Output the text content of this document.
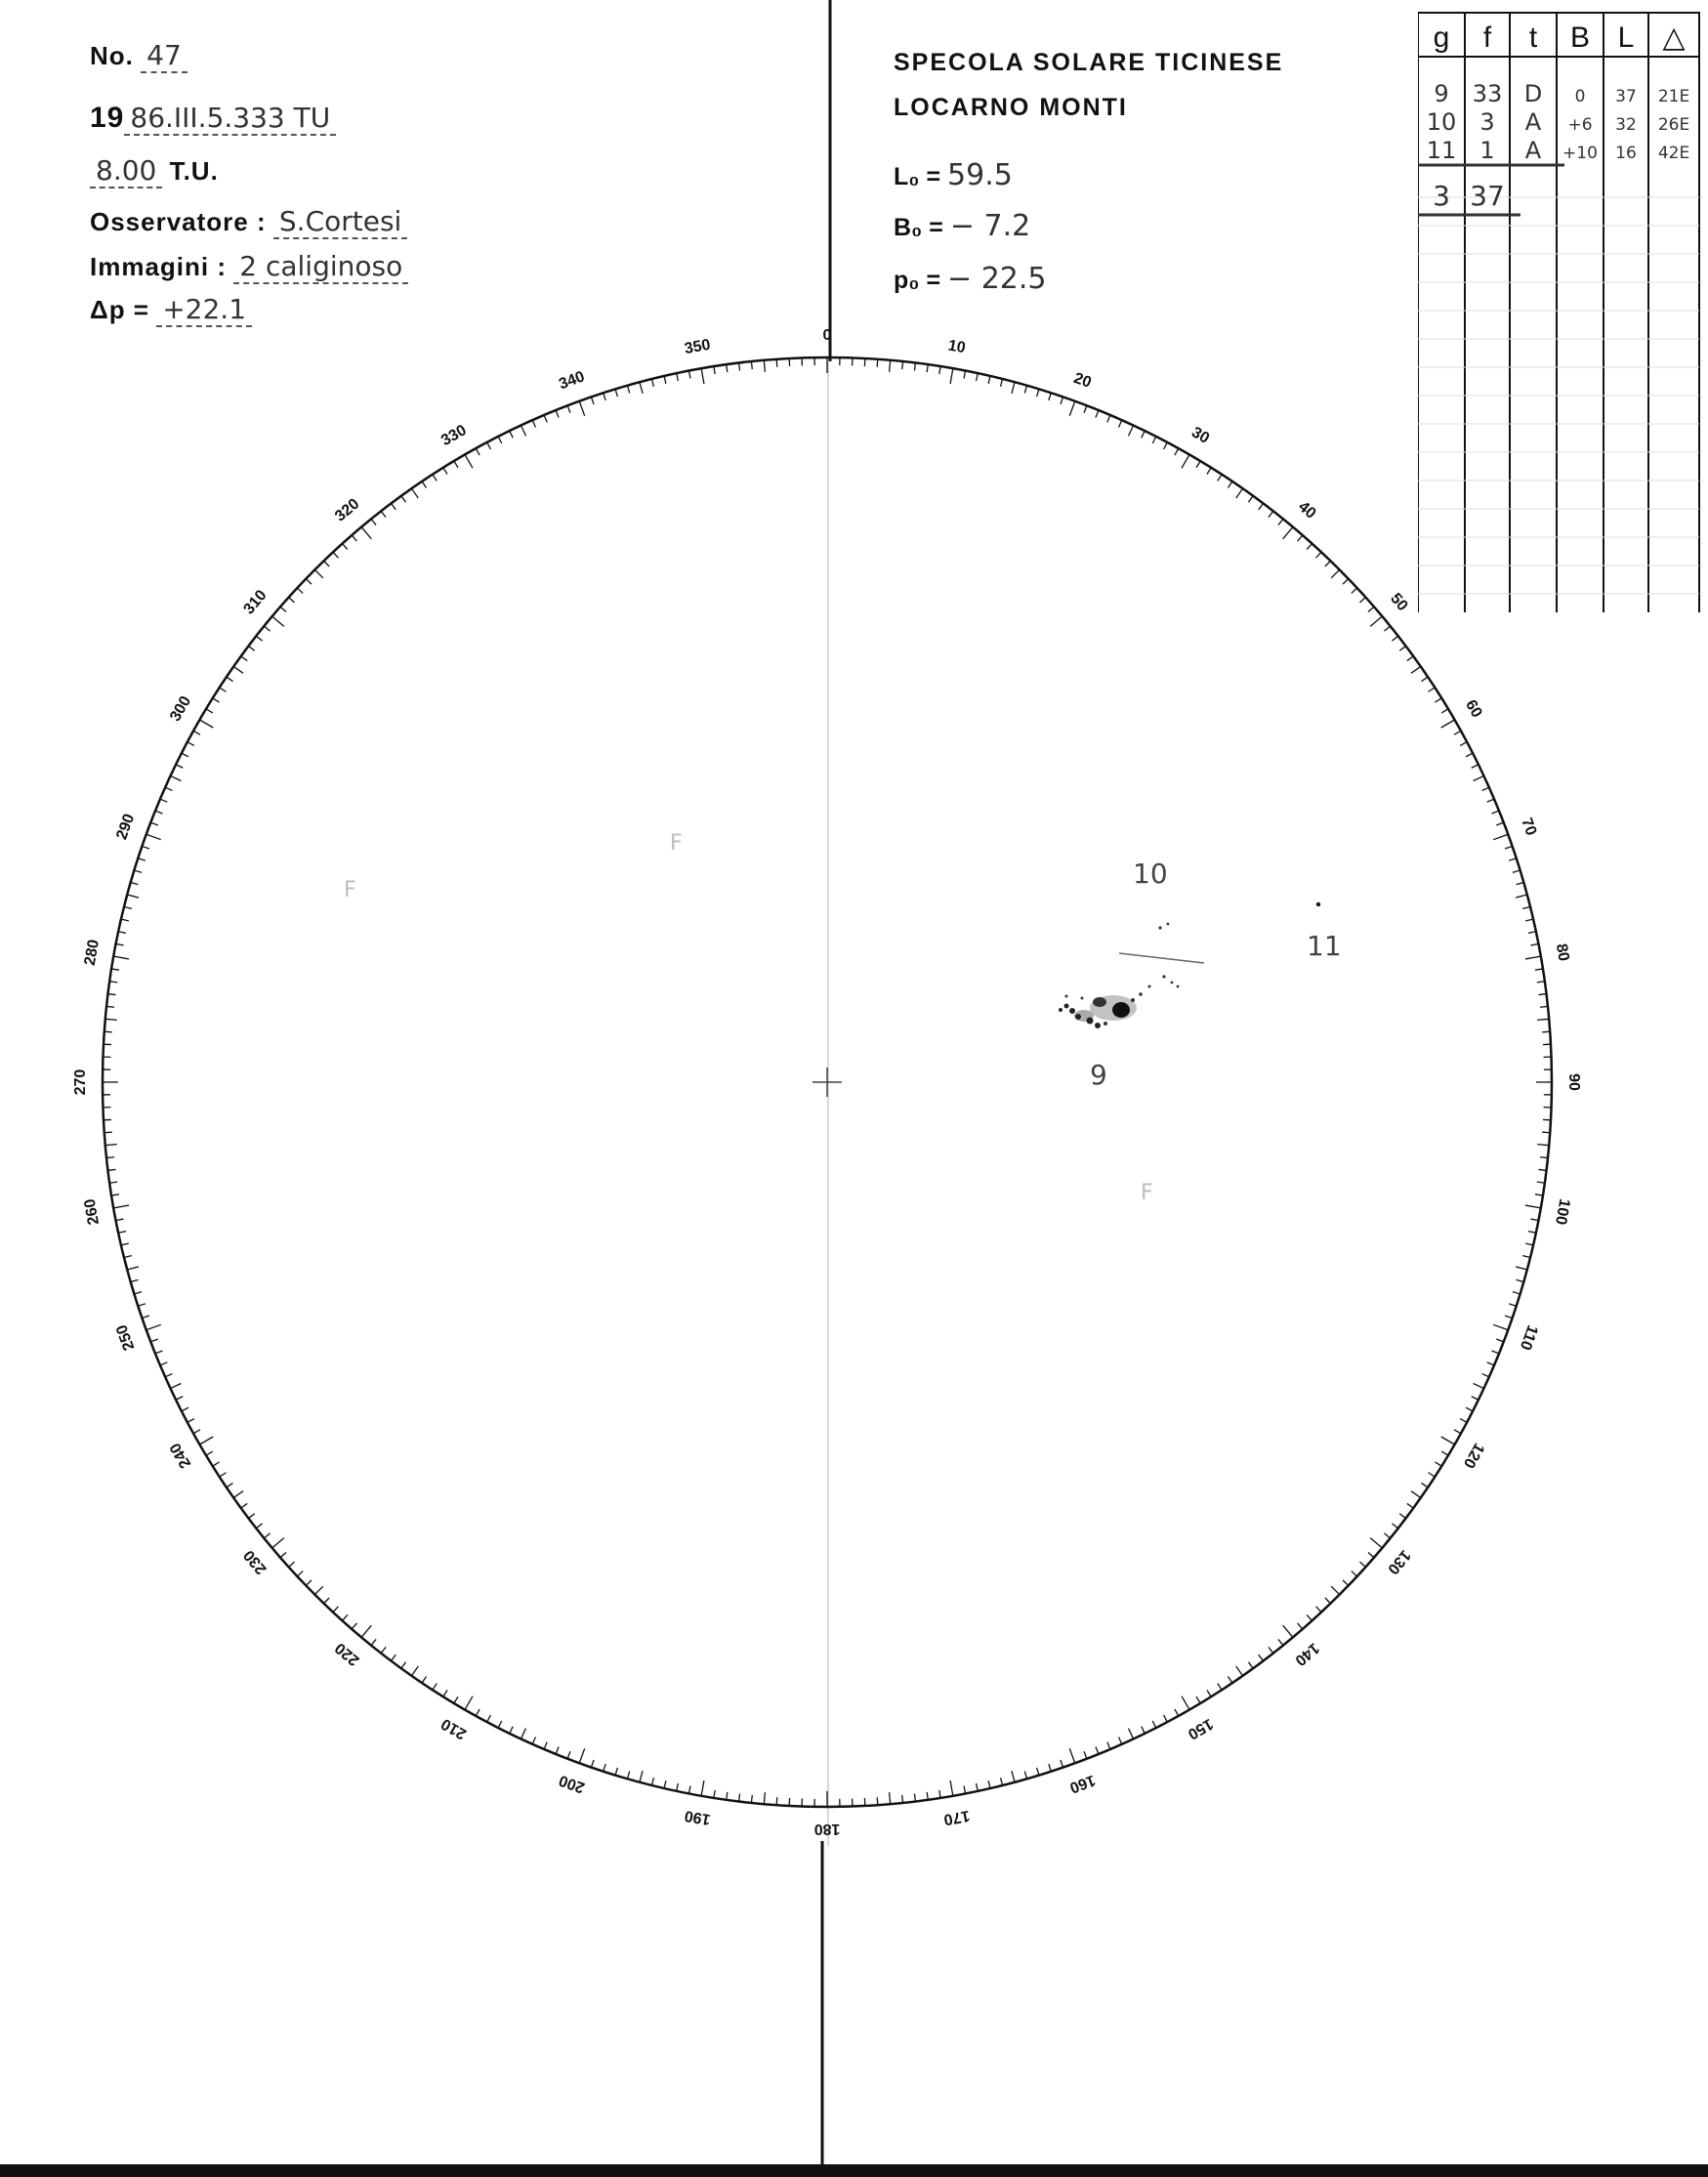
No. 47
19 86.III.5.333 TU
8.00 T.U.
Osservatore : S.Cortesi
Immagini : 2 caliginoso
Δp = +22.1
SPECOLA SOLARE TICINESE
LOCARNO MONTI
L₀ = 59.5
B₀ = − 7.2
p₀ = − 22.5
0
10
20
30
40
50
60
70
80
90
100
110
120
130
140
150
160
170
180
190
200
210
220
230
240
250
260
270
280
290
300
310
320
330
340
350
F
F
F
10
11
9
g f t B L △
9 33 D 0 37 21E
10 3 A +6 32 26E
11 1 A +10 16 42E
3 37
